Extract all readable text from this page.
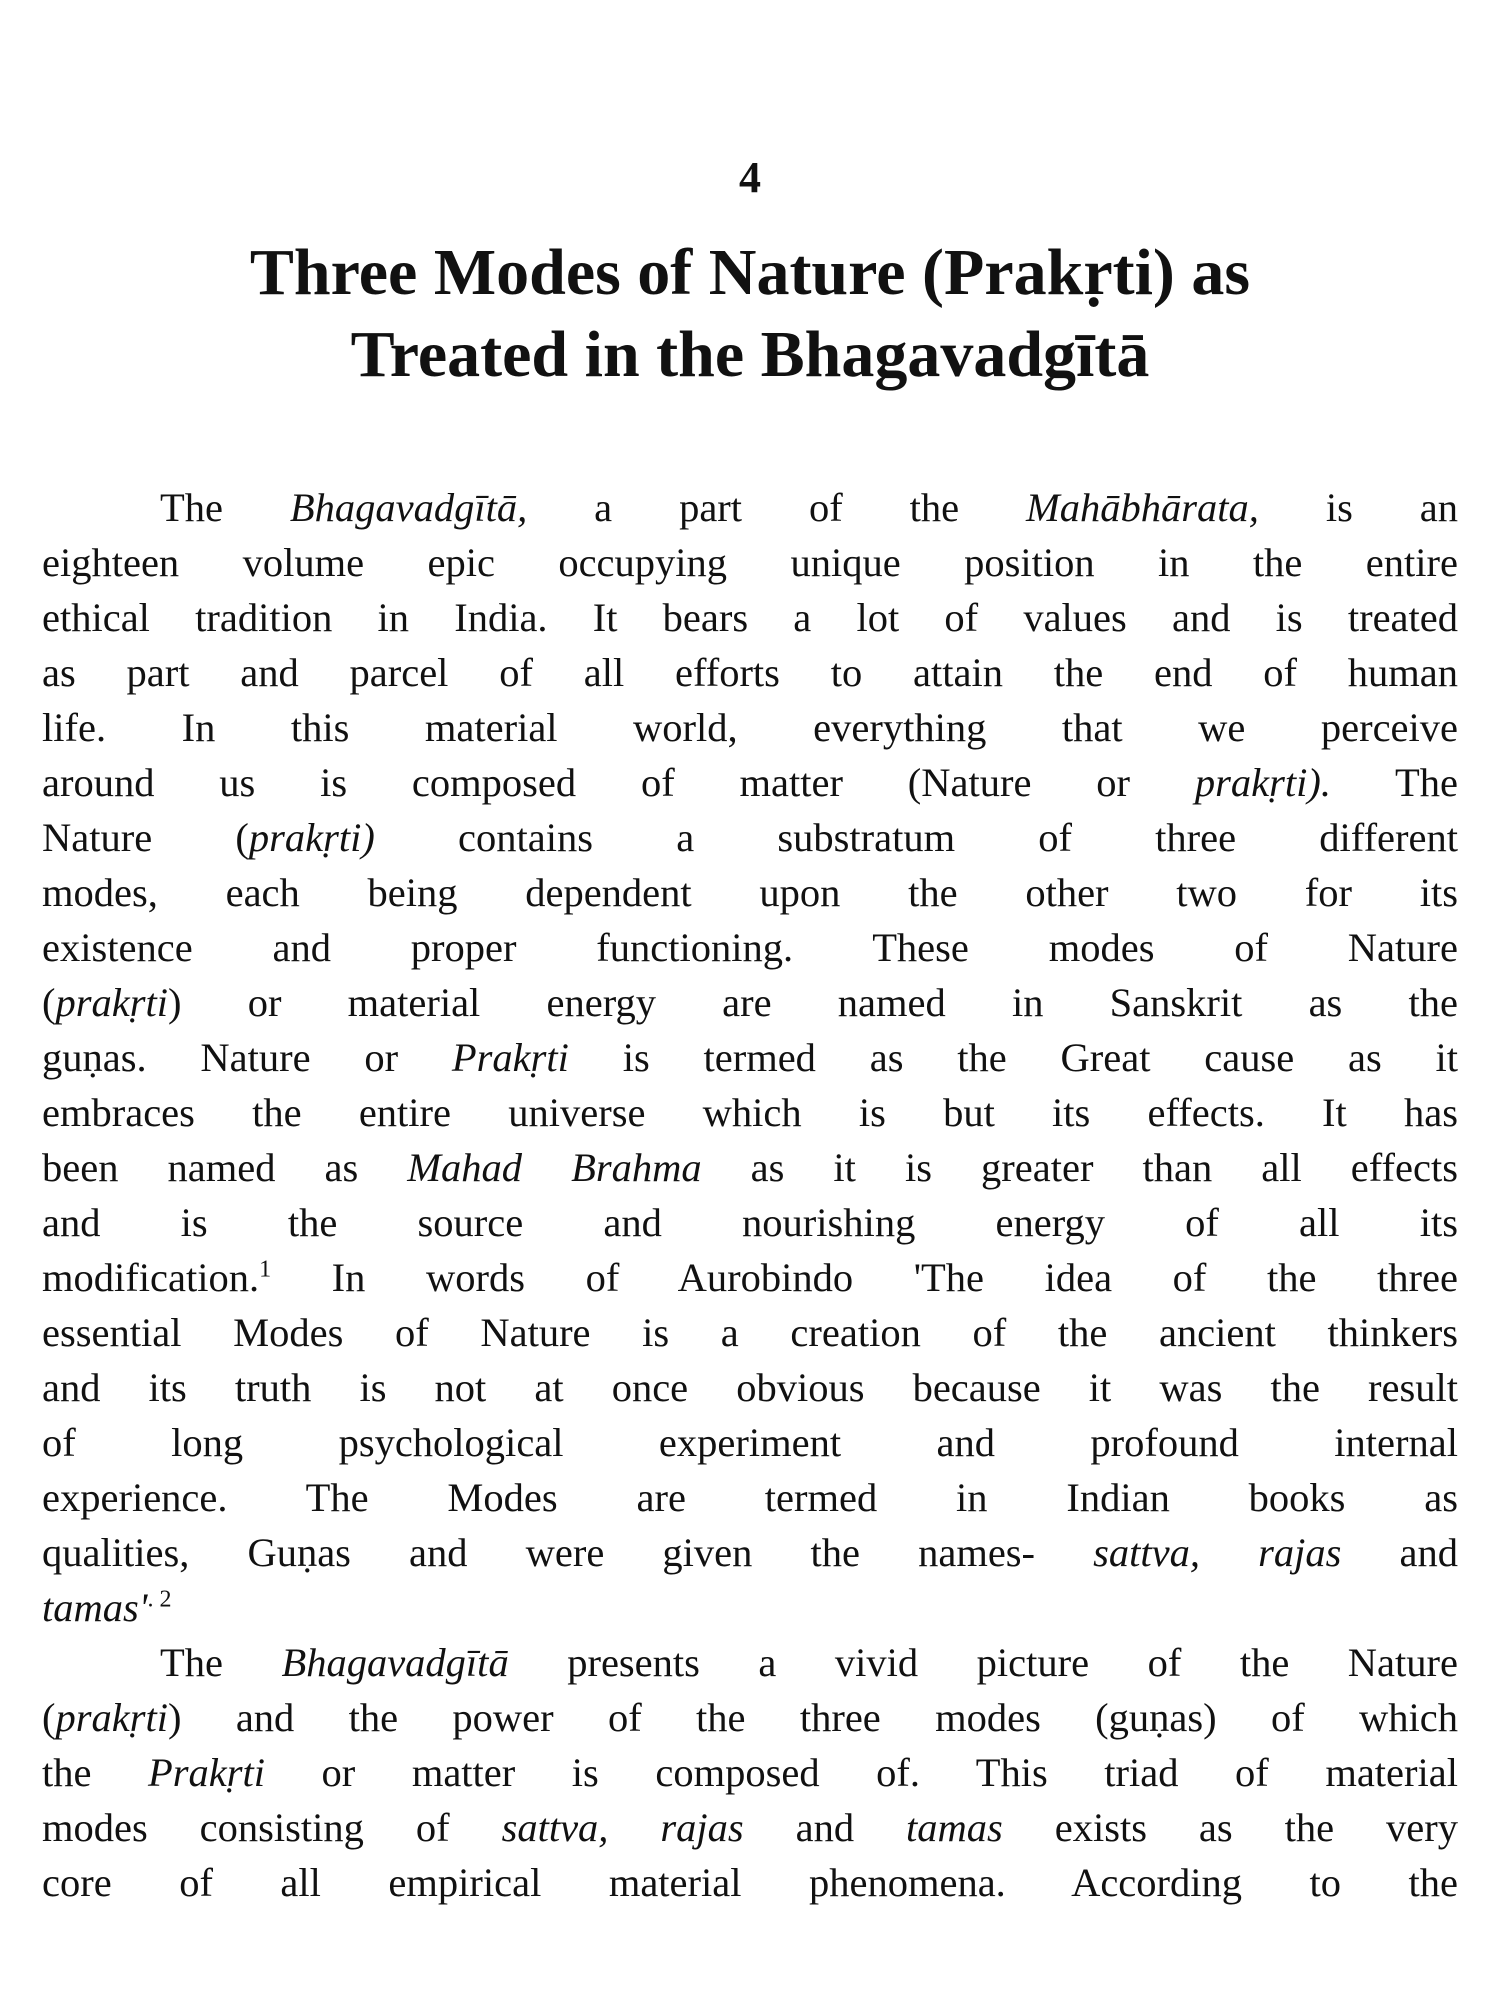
4
Three Modes of Nature (Prakṛti) as
Treated in the Bhagavadgītā
The Bhagavadgītā, a part of the Mahābhārata, is an
eighteen volume epic occupying unique position in the entire
ethical tradition in India. It bears a lot of values and is treated
as part and parcel of all efforts to attain the end of human
life. In this material world, everything that we perceive
around us is composed of matter (Nature or prakṛti). The
Nature (prakṛti) contains a substratum of three different
modes, each being dependent upon the other two for its
existence and proper functioning. These modes of Nature
(prakṛti) or material energy are named in Sanskrit as the
guṇas. Nature or Prakṛti is termed as the Great cause as it
embraces the entire universe which is but its effects. It has
been named as Mahad Brahma as it is greater than all effects
and is the source and nourishing energy of all its
modification.$^1$ In words of Aurobindo 'The idea of the three
essential Modes of Nature is a creation of the ancient thinkers
and its truth is not at once obvious because it was the result
of long psychological experiment and profound internal
experience. The Modes are termed in Indian books as
qualities, Guṇas and were given the names- sattva, rajas and
tamas'$^{. 2}$
The Bhagavadgītā presents a vivid picture of the Nature
(prakṛti) and the power of the three modes (guṇas) of which
the Prakṛti or matter is composed of. This triad of material
modes consisting of sattva, rajas and tamas exists as the very
core of all empirical material phenomena. According to the
